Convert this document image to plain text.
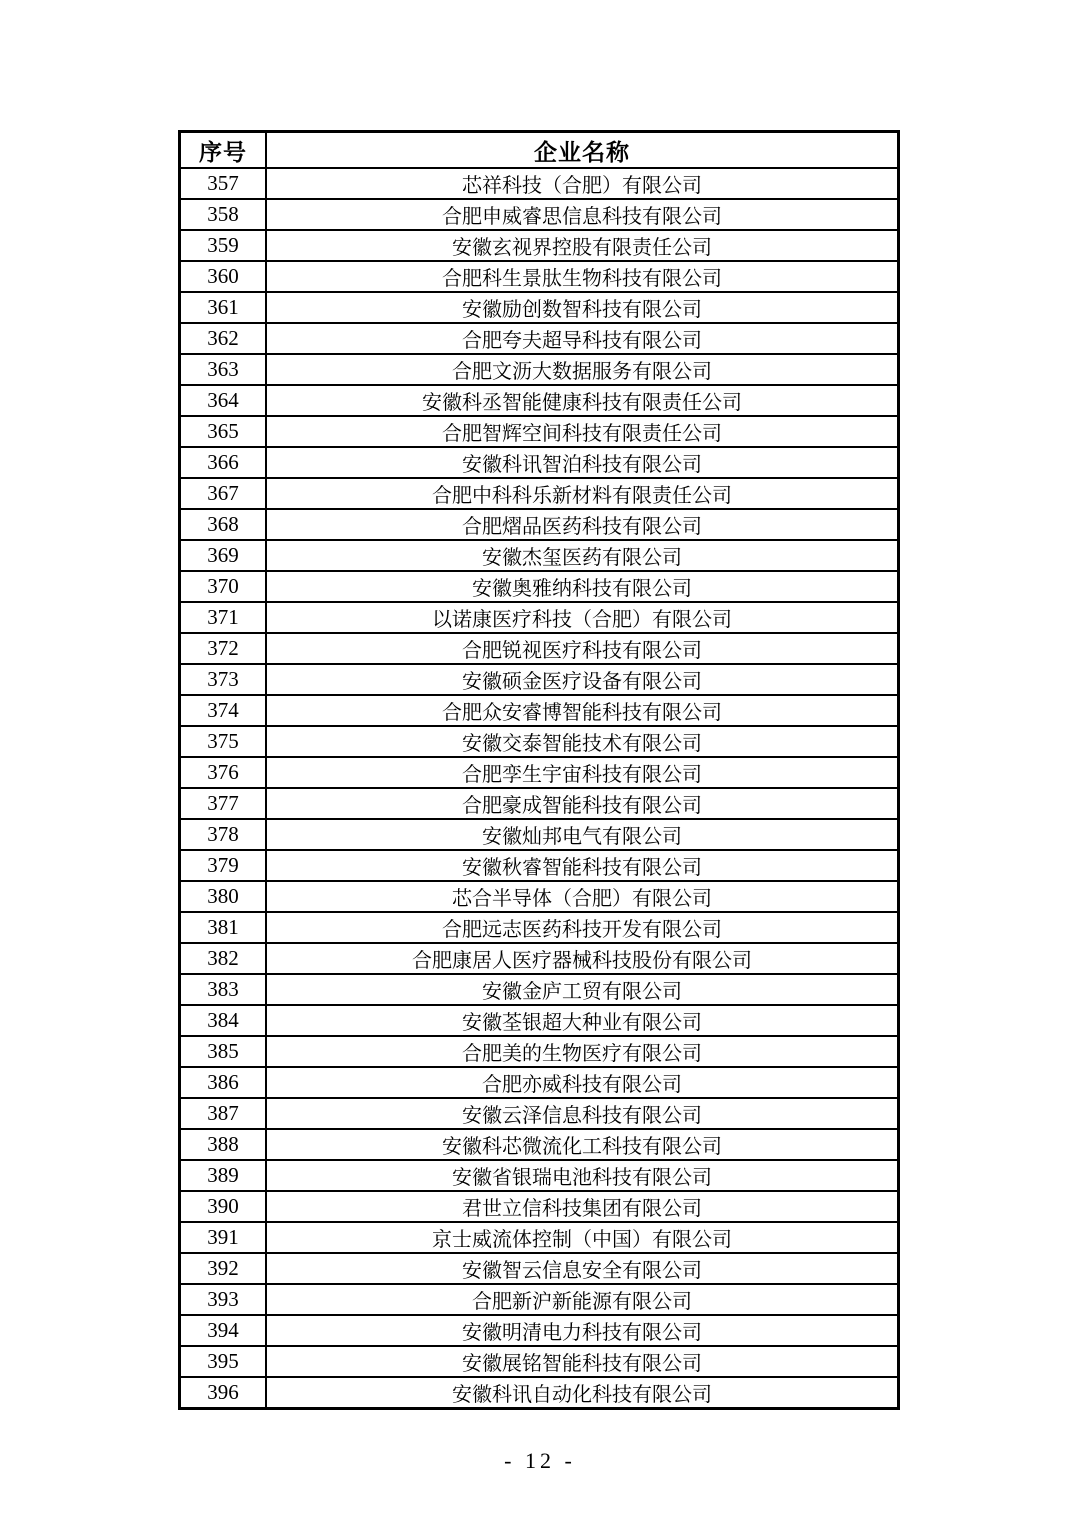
序号	企业名称
357	芯祥科技（合肥）有限公司
358	合肥申威睿思信息科技有限公司
359	安徽玄视界控股有限责任公司
360	合肥科生景肽生物科技有限公司
361	安徽励创数智科技有限公司
362	合肥夸夫超导科技有限公司
363	合肥文沥大数据服务有限公司
364	安徽科丞智能健康科技有限责任公司
365	合肥智辉空间科技有限责任公司
366	安徽科讯智泊科技有限公司
367	合肥中科科乐新材料有限责任公司
368	合肥熠品医药科技有限公司
369	安徽杰玺医药有限公司
370	安徽奥雅纳科技有限公司
371	以诺康医疗科技（合肥）有限公司
372	合肥锐视医疗科技有限公司
373	安徽硕金医疗设备有限公司
374	合肥众安睿博智能科技有限公司
375	安徽交泰智能技术有限公司
376	合肥孪生宇宙科技有限公司
377	合肥豪成智能科技有限公司
378	安徽灿邦电气有限公司
379	安徽秋睿智能科技有限公司
380	芯合半导体（合肥）有限公司
381	合肥远志医药科技开发有限公司
382	合肥康居人医疗器械科技股份有限公司
383	安徽金庐工贸有限公司
384	安徽荃银超大种业有限公司
385	合肥美的生物医疗有限公司
386	合肥亦威科技有限公司
387	安徽云泽信息科技有限公司
388	安徽科芯微流化工科技有限公司
389	安徽省银瑞电池科技有限公司
390	君世立信科技集团有限公司
391	京士威流体控制（中国）有限公司
392	安徽智云信息安全有限公司
393	合肥新沪新能源有限公司
394	安徽明清电力科技有限公司
395	安徽展铭智能科技有限公司
396	安徽科讯自动化科技有限公司
- 12 -
